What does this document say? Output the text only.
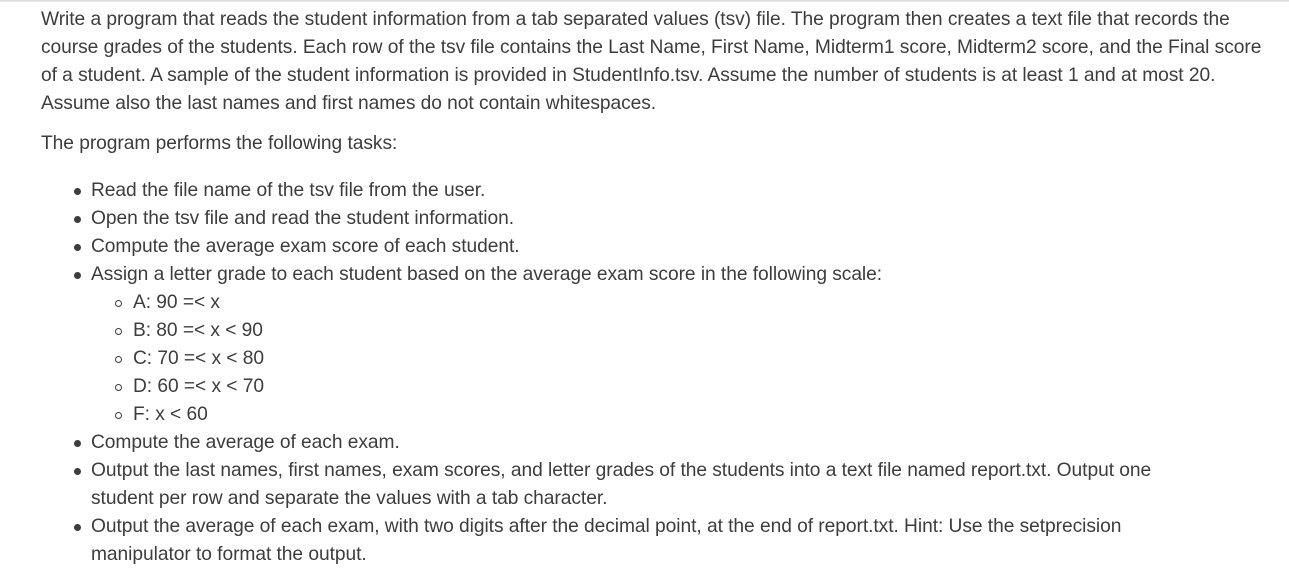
Write a program that reads the student information from a tab separated values (tsv) file. The program then creates a text file that records the course grades of the students. Each row of the tsv file contains the Last Name, First Name, Midterm1 score, Midterm2 score, and the Final score of a student. A sample of the student information is provided in StudentInfo.tsv. Assume the number of students is at least 1 and at most 20. Assume also the last names and first names do not contain whitespaces.

The program performs the following tasks:

Read the file name of the tsv file from the user.
Open the tsv file and read the student information.
Compute the average exam score of each student.
Assign a letter grade to each student based on the average exam score in the following scale:
A: 90 =< x
B: 80 =< x < 90
C: 70 =< x < 80
D: 60 =< x < 70
F: x < 60
Compute the average of each exam.
Output the last names, first names, exam scores, and letter grades of the students into a text file named report.txt. Output one student per row and separate the values with a tab character.
Output the average of each exam, with two digits after the decimal point, at the end of report.txt. Hint: Use the setprecision manipulator to format the output.
